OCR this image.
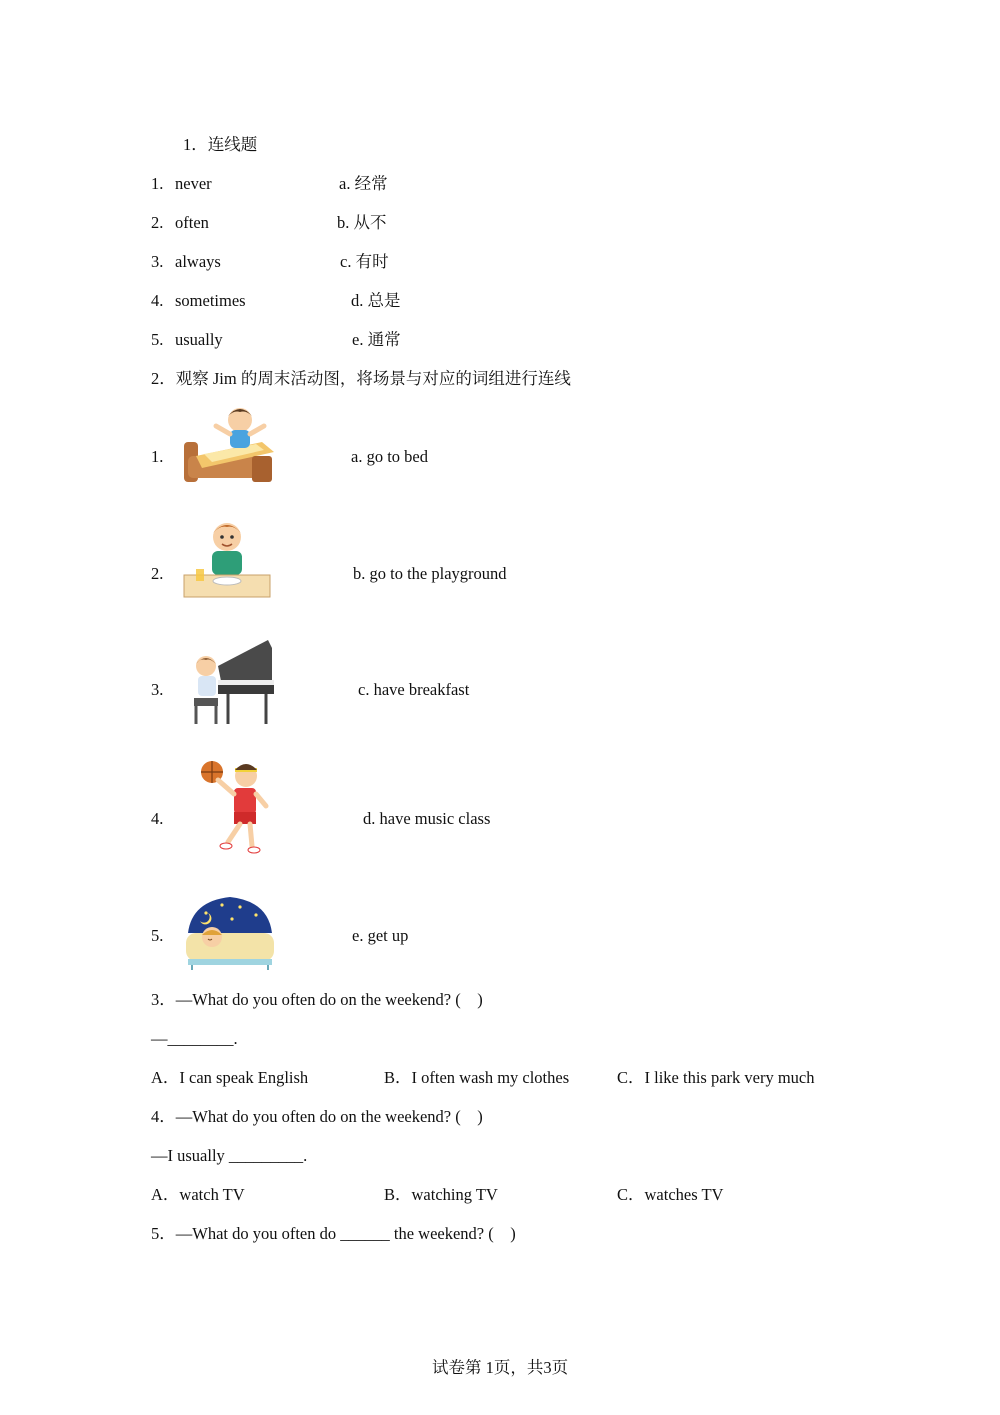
1．连线题
1. never	a. 经常
2. often	b. 从不
3. always	c. 有时
4. sometimes	d. 总是
5. usually	e. 通常
2．观察 Jim 的周末活动图，将场景与对应的词组进行连线
1.	a. go to bed
2.	b. go to the playground
3.	c. have breakfast
4.	d. have music class
5.	e. get up
3．—What do you often do on the weekend? (    )
—________.
A．I can speak English	B．I often wash my clothes	C．I like this park very much
4．—What do you often do on the weekend? (    )
—I usually _________.
A．watch TV	B．watching TV	C．watches TV
5．—What do you often do ______ the weekend? (    )
试卷第 1页，共3页
